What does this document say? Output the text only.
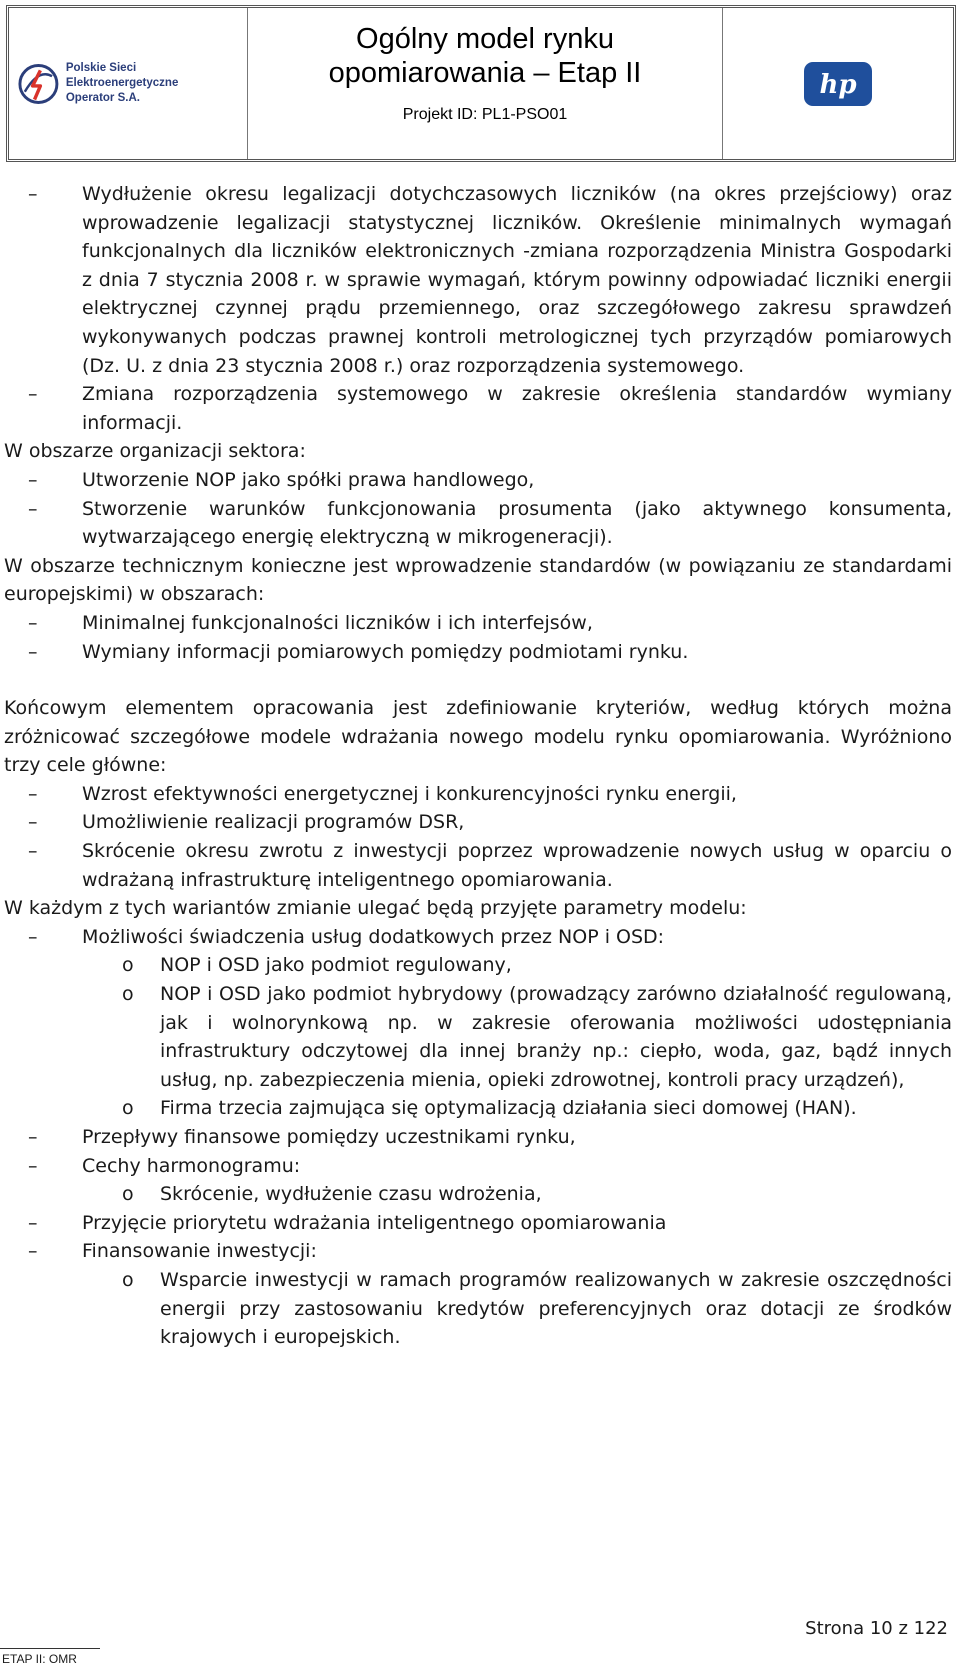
Polskie Sieci Elektroenergetyczne
Operator S.A.
Ogólny model rynku
opomiarowania – Etap II
Projekt ID: PL1-PSO01
hp
–	Wydłużenie okresu legalizacji dotychczasowych liczników (na okres przejściowy) oraz wprowadzenie legalizacji statystycznej liczników. Określenie minimalnych wymagań funkcjonalnych dla liczników elektronicznych -zmiana rozporządzenia Ministra Gospodarki z dnia 7 stycznia 2008 r. w sprawie wymagań, którym powinny odpowiadać liczniki energii elektrycznej czynnej prądu przemiennego, oraz szczegółowego zakresu sprawdzeń wykonywanych podczas prawnej kontroli metrologicznej tych przyrządów pomiarowych (Dz. U. z dnia 23 stycznia 2008 r.) oraz rozporządzenia systemowego.
–	Zmiana rozporządzenia systemowego w zakresie określenia standardów wymiany informacji.
W obszarze organizacji sektora:
–	Utworzenie NOP jako spółki prawa handlowego,
–	Stworzenie warunków funkcjonowania prosumenta (jako aktywnego konsumenta, wytwarzającego energię elektryczną w mikrogeneracji).
W obszarze technicznym konieczne jest wprowadzenie standardów (w powiązaniu ze standardami europejskimi) w obszarach:
–	Minimalnej funkcjonalności liczników i ich interfejsów,
–	Wymiany informacji pomiarowych pomiędzy podmiotami rynku.
Końcowym elementem opracowania jest zdefiniowanie kryteriów, według których można zróżnicować szczegółowe modele wdrażania nowego modelu rynku opomiarowania. Wyróżniono trzy cele główne:
–	Wzrost efektywności energetycznej i konkurencyjności rynku energii,
–	Umożliwienie realizacji programów DSR,
–	Skrócenie okresu zwrotu z inwestycji poprzez wprowadzenie nowych usług w oparciu o wdrażaną infrastrukturę inteligentnego opomiarowania.
W każdym z tych wariantów zmianie ulegać będą przyjęte parametry modelu:
–	Możliwości świadczenia usług dodatkowych przez NOP i OSD:
o NOP i OSD jako podmiot regulowany,
o NOP i OSD jako podmiot hybrydowy (prowadzący zarówno działalność regulowaną, jak i wolnorynkową np. w zakresie oferowania możliwości udostępniania infrastruktury odczytowej dla innej branży np.: ciepło, woda, gaz, bądź innych usług, np. zabezpieczenia mienia, opieki zdrowotnej, kontroli pracy urządzeń),
o Firma trzecia zajmująca się optymalizacją działania sieci domowej (HAN).
–	Przepływy finansowe pomiędzy uczestnikami rynku,
–	Cechy harmonogramu:
o Skrócenie, wydłużenie czasu wdrożenia,
–	Przyjęcie priorytetu wdrażania inteligentnego opomiarowania
–	Finansowanie inwestycji:
o Wsparcie inwestycji w ramach programów realizowanych w zakresie oszczędności energii przy zastosowaniu kredytów preferencyjnych oraz dotacji ze środków krajowych i europejskich.
Strona 10 z 122
ETAP II: OMR
